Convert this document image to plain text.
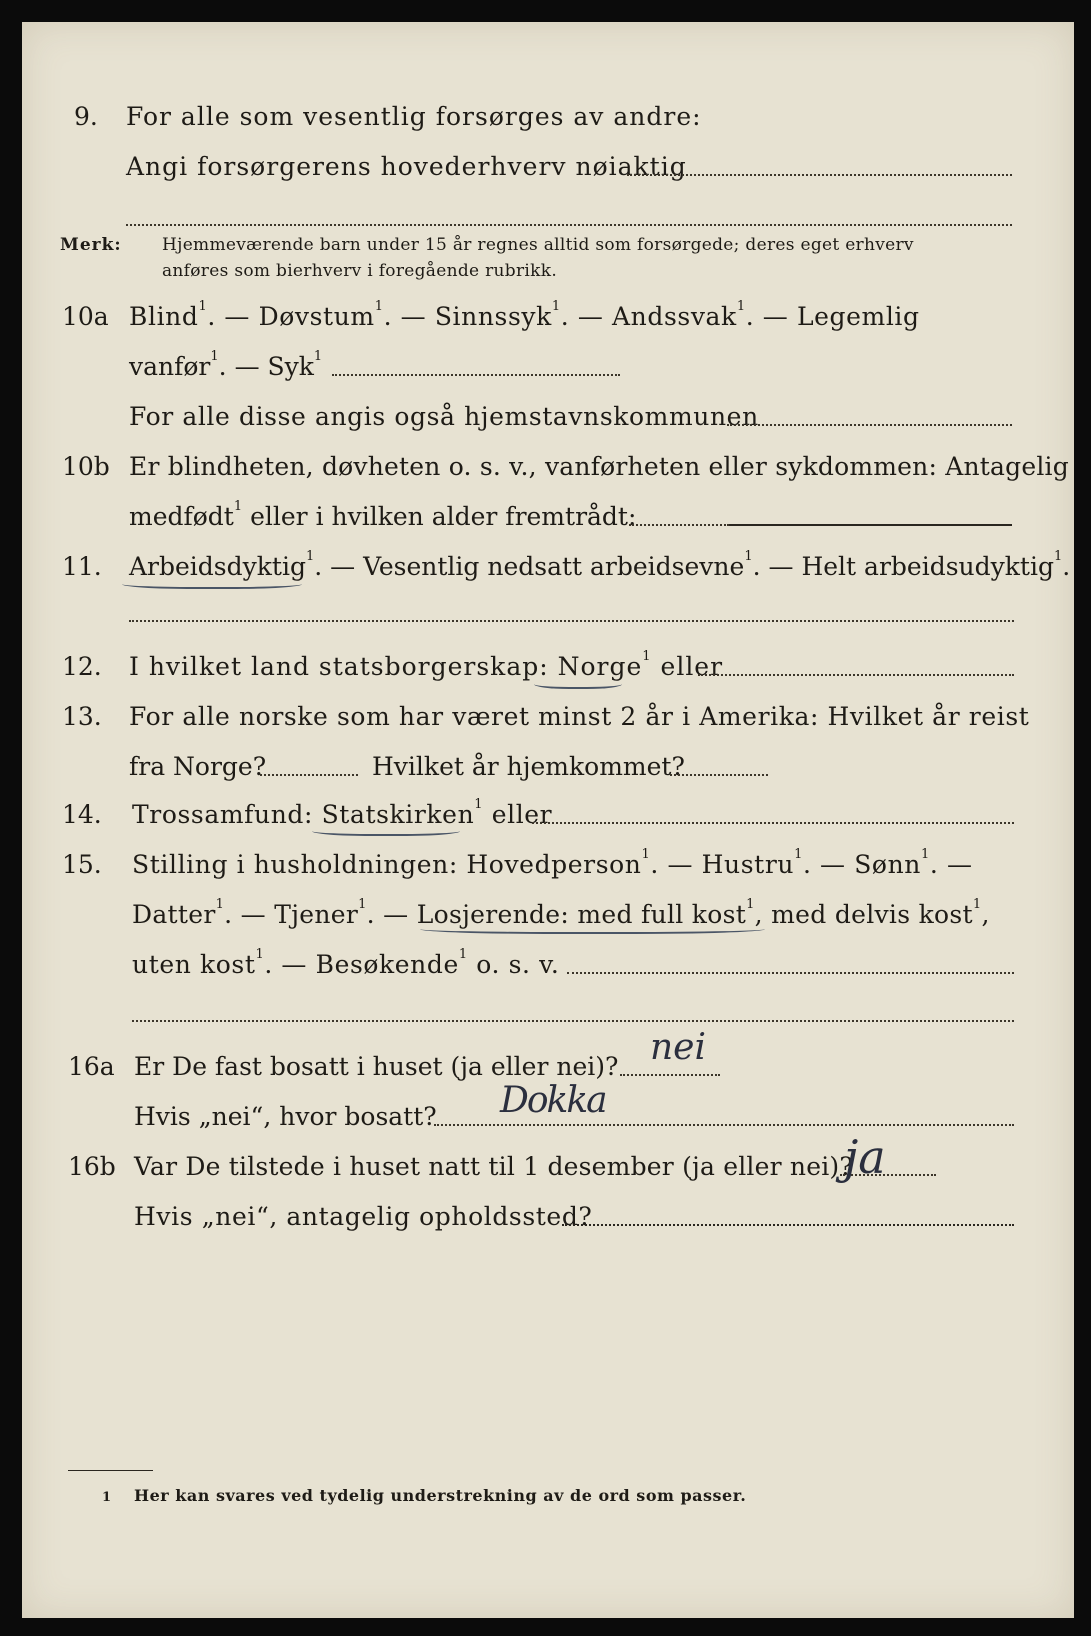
9. For alle som vesentlig forsørges av andre:
Angi forsørgerens hovederhverv nøiaktig
Merk: Hjemmeværende barn under 15 år regnes alltid som forsørgede; deres eget erhverv
anføres som bierhverv i foregående rubrikk.
10a Blind$^1$. — Døvstum$^1$. — Sinnssyk$^1$. — Andssvak$^1$. — Legemlig
vanfør$^1$. — Syk$^1$
For alle disse angis også hjemstavnskommunen
10b Er blindheten, døvheten o. s. v., vanførheten eller sykdommen: Antagelig
medfødt$^1$ eller i hvilken alder fremtrådt:
11. Arbeidsdyktig$^1$. — Vesentlig nedsatt arbeidsevne$^1$. — Helt arbeidsudyktig$^1$.
12. I hvilket land statsborgerskap: Norge$^1$ eller
13. For alle norske som har været minst 2 år i Amerika: Hvilket år reist
fra Norge?	Hvilket år hjemkommet?
14. Trossamfund: Statskirken$^1$ eller
15. Stilling i husholdningen: Hovedperson$^1$. — Hustru$^1$. — Sønn$^1$. —
Datter$^1$. — Tjener$^1$. — Losjerende: med full kost$^1$, med delvis kost$^1$,
uten kost$^1$. — Besøkende$^1$ o. s. v.
16a Er De fast bosatt i huset (ja eller nei)? nei
Hvis „nei“, hvor bosatt? Dokka
16b Var De tilstede i huset natt til 1 desember (ja eller nei)?
ja
Hvis „nei“, antagelig opholdssted?
1 Her kan svares ved tydelig understrekning av de ord som passer.
